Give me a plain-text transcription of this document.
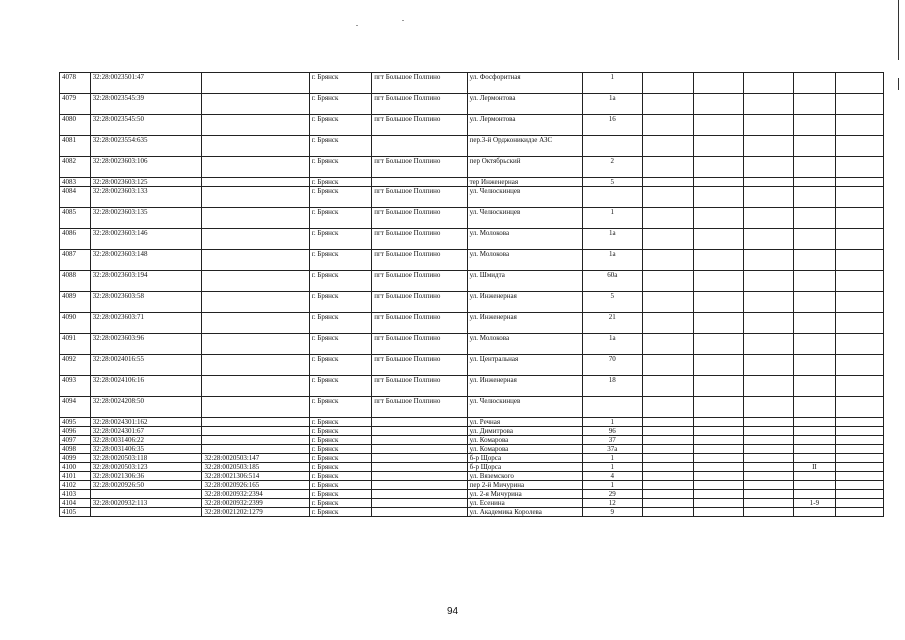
4078	32:28:0023501:47		г. Брянск	пгт Большое Полпино	ул. Фосфоритная	1					
4079	32:28:0023545:39		г. Брянск	пгт Большое Полпино	ул. Лермонтова	1а					
4080	32:28:0023545:50		г. Брянск	пгт Большое Полпино	ул. Лермонтова	16					
4081	32:28:0023554:635		г. Брянск		пер.3-й Орджоникидзе АЗС						
4082	32:28:0023603:106		г. Брянск	пгт Большое Полпино	пер Октябрьский	2					
4083	32:28:0023603:125		г. Брянск		тер Инженерная	5					
4084	32:28:0023603:133		г. Брянск	пгт Большое Полпино	ул. Челюскинцев						
4085	32:28:0023603:135		г. Брянск	пгт Большое Полпино	ул. Челюскинцев	1					
4086	32:28:0023603:146		г. Брянск	пгт Большое Полпино	ул. Молокова	1а					
4087	32:28:0023603:148		г. Брянск	пгт Большое Полпино	ул. Молокова	1а					
4088	32:28:0023603:194		г. Брянск	пгт Большое Полпино	ул. Шмидта	60а					
4089	32:28:0023603:58		г. Брянск	пгт Большое Полпино	ул. Инженерная	5					
4090	32:28:0023603:71		г. Брянск	пгт Большое Полпино	ул. Инженерная	21					
4091	32:28:0023603:96		г. Брянск	пгт Большое Полпино	ул. Молокова	1а					
4092	32:28:0024016:55		г. Брянск	пгт Большое Полпино	ул. Центральная	70					
4093	32:28:0024106:16		г. Брянск	пгт Большое Полпино	ул. Инженерная	18					
4094	32:28:0024208:50		г. Брянск	пгт Большое Полпино	ул. Челюскинцев						
4095	32:28:0024301:162		г. Брянск		ул. Речная	1					
4096	32:28:0024301:67		г. Брянск		ул. Димитрова	96					
4097	32:28:0031406:22		г. Брянск		ул. Комарова	37					
4098	32:28:0031406:35		г. Брянск		ул. Комарова	37а					
4099	32:28:0020503:118	32:28:0020503:147	г. Брянск		б-р Щорса	1					
4100	32:28:0020503:123	32:28:0020503:185	г. Брянск		б-р Щорса	1				II	
4101	32:28:0021306:36	32:28:0021306:514	г. Брянск		ул. Вяземского	4					
4102	32:28:0020926:50	32:28:0020926:165	г. Брянск		пер 2-й Мичурина	1					
4103		32:28:0020932:2394	г. Брянск		ул. 2-я Мичурина	29					
4104	32:28:0020932:113	32:28:0020932:2399	г. Брянск		ул. Есенина	12				1-9	
4105		32:28:0021202:1279	г. Брянск		ул. Академика Королева	9					
94
